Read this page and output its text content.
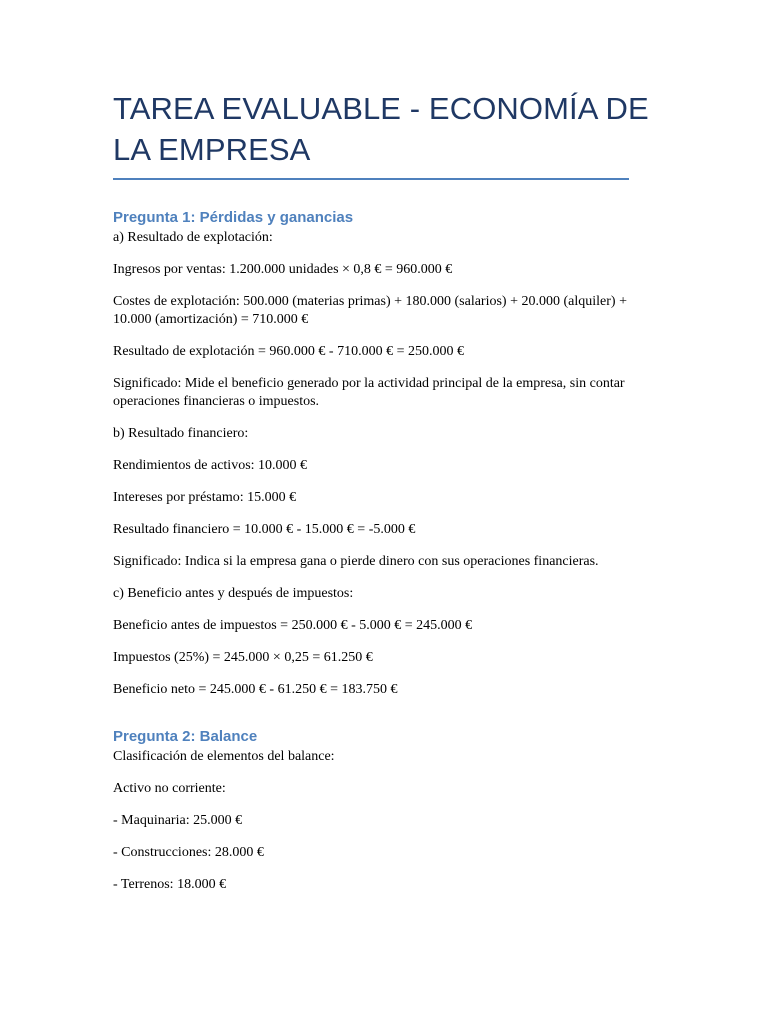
TAREA EVALUABLE - ECONOMÍA DE LA EMPRESA
Pregunta 1: Pérdidas y ganancias

a) Resultado de explotación:

Ingresos por ventas: 1.200.000 unidades × 0,8 € = 960.000 €

Costes de explotación: 500.000 (materias primas) + 180.000 (salarios) + 20.000 (alquiler) + 10.000 (amortización) = 710.000 €

Resultado de explotación = 960.000 € - 710.000 € = 250.000 €

Significado: Mide el beneficio generado por la actividad principal de la empresa, sin contar operaciones financieras o impuestos.

b) Resultado financiero:

Rendimientos de activos: 10.000 €

Intereses por préstamo: 15.000 €

Resultado financiero = 10.000 € - 15.000 € = -5.000 €

Significado: Indica si la empresa gana o pierde dinero con sus operaciones financieras.

c) Beneficio antes y después de impuestos:

Beneficio antes de impuestos = 250.000 € - 5.000 € = 245.000 €

Impuestos (25%) = 245.000 × 0,25 = 61.250 €

Beneficio neto = 245.000 € - 61.250 € = 183.750 €

Pregunta 2: Balance

Clasificación de elementos del balance:

Activo no corriente:

- Maquinaria: 25.000 €

- Construcciones: 28.000 €

- Terrenos: 18.000 €
